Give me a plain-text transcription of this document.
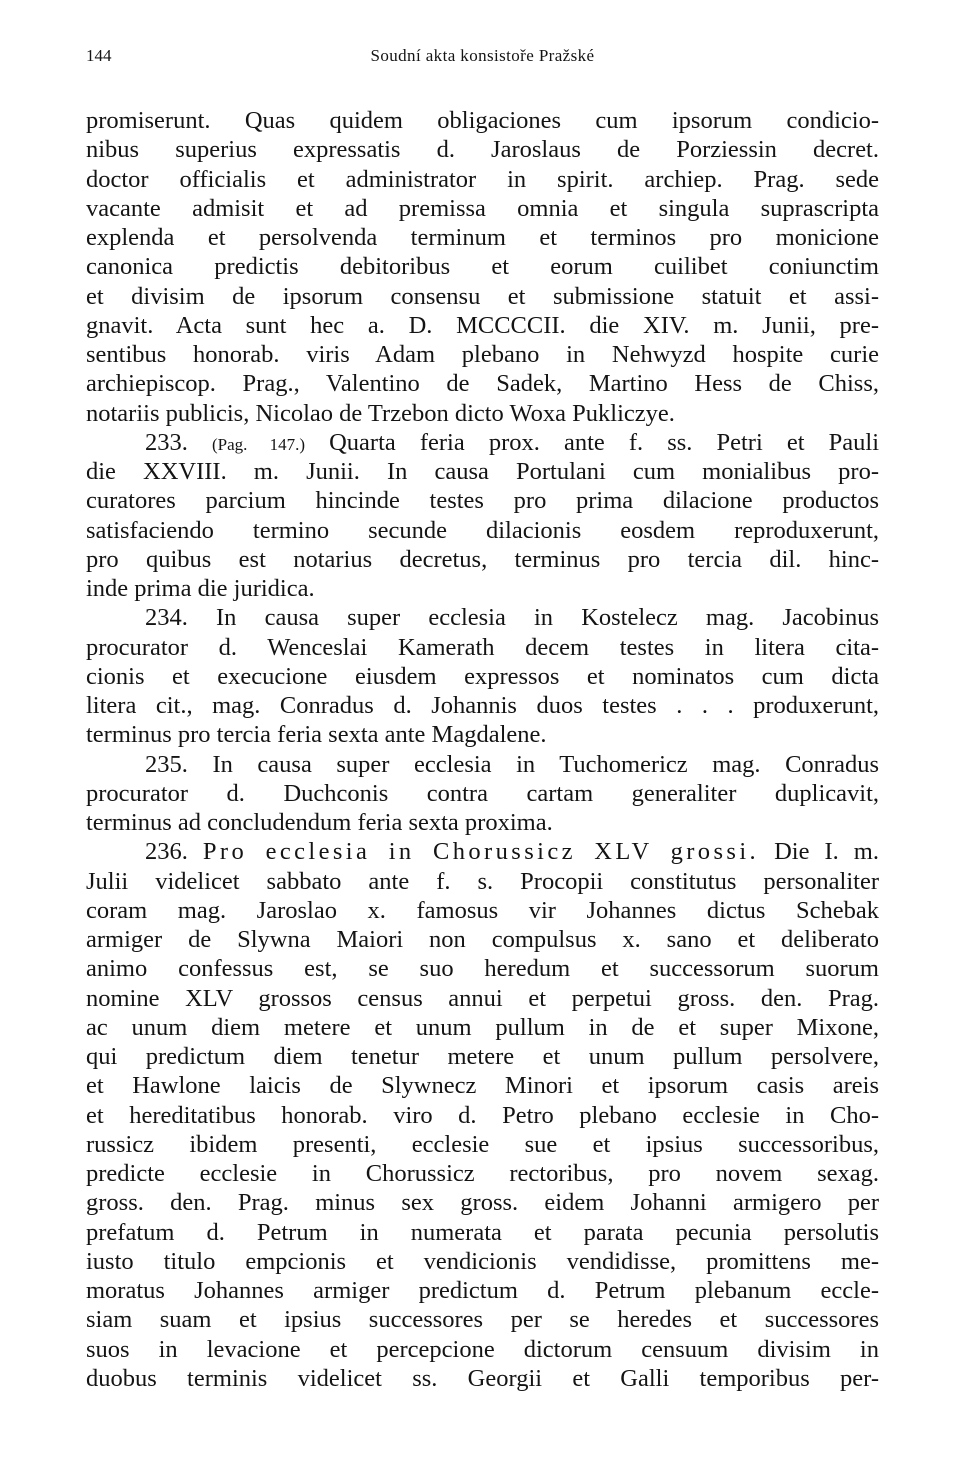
144	Soudní akta konsistoře Pražské
promiserunt. Quas quidem obligaciones cum ipsorum condicio-
nibus superius expressatis d. Jaroslaus de Porziessin decret.
doctor officialis et administrator in spirit. archiep. Prag. sede
vacante admisit et ad premissa omnia et singula suprascripta
explenda et persolvenda terminum et terminos pro monicione
canonica predictis debitoribus et eorum cuilibet coniunctim
et divisim de ipsorum consensu et submissione statuit et assi-
gnavit. Acta sunt hec a. D. MCCCCII. die XIV. m. Junii, pre-
sentibus honorab. viris Adam plebano in Nehwyzd hospite curie
archiepiscop. Prag., Valentino de Sadek, Martino Hess de Chiss,
notariis publicis, Nicolao de Trzebon dicto Woxa Pukliczye.
233. (Pag. 147.) Quarta feria prox. ante f. ss. Petri et Pauli
die XXVIII. m. Junii. In causa Portulani cum monialibus pro-
curatores parcium hincinde testes pro prima dilacione productos
satisfaciendo termino secunde dilacionis eosdem reproduxerunt,
pro quibus est notarius decretus, terminus pro tercia dil. hinc-
inde prima die juridica.
234. In causa super ecclesia in Kostelecz mag. Jacobinus
procurator d. Wenceslai Kamerath decem testes in litera cita-
cionis et execucione eiusdem expressos et nominatos cum dicta
litera cit., mag. Conradus d. Johannis duos testes . . . produxerunt,
terminus pro tercia feria sexta ante Magdalene.
235. In causa super ecclesia in Tuchomericz mag. Conradus
procurator d. Duchconis contra cartam generaliter duplicavit,
terminus ad concludendum feria sexta proxima.
236. Pro ecclesia in Chorussicz XLV grossi. Die I. m.
Julii videlicet sabbato ante f. s. Procopii constitutus personaliter
coram mag. Jaroslao x. famosus vir Johannes dictus Schebak
armiger de Slywna Maiori non compulsus x. sano et deliberato
animo confessus est, se suo heredum et successorum suorum
nomine XLV grossos census annui et perpetui gross. den. Prag.
ac unum diem metere et unum pullum in de et super Mixone,
qui predictum diem tenetur metere et unum pullum persolvere,
et Hawlone laicis de Slywnecz Minori et ipsorum casis areis
et hereditatibus honorab. viro d. Petro plebano ecclesie in Cho-
russicz ibidem presenti, ecclesie sue et ipsius successoribus,
predicte ecclesie in Chorussicz rectoribus, pro novem sexag.
gross. den. Prag. minus sex gross. eidem Johanni armigero per
prefatum d. Petrum in numerata et parata pecunia persolutis
iusto titulo empcionis et vendicionis vendidisse, promittens me-
moratus Johannes armiger predictum d. Petrum plebanum eccle-
siam suam et ipsius successores per se heredes et successores
suos in levacione et percepcione dictorum censuum divisim in
duobus terminis videlicet ss. Georgii et Galli temporibus per-
